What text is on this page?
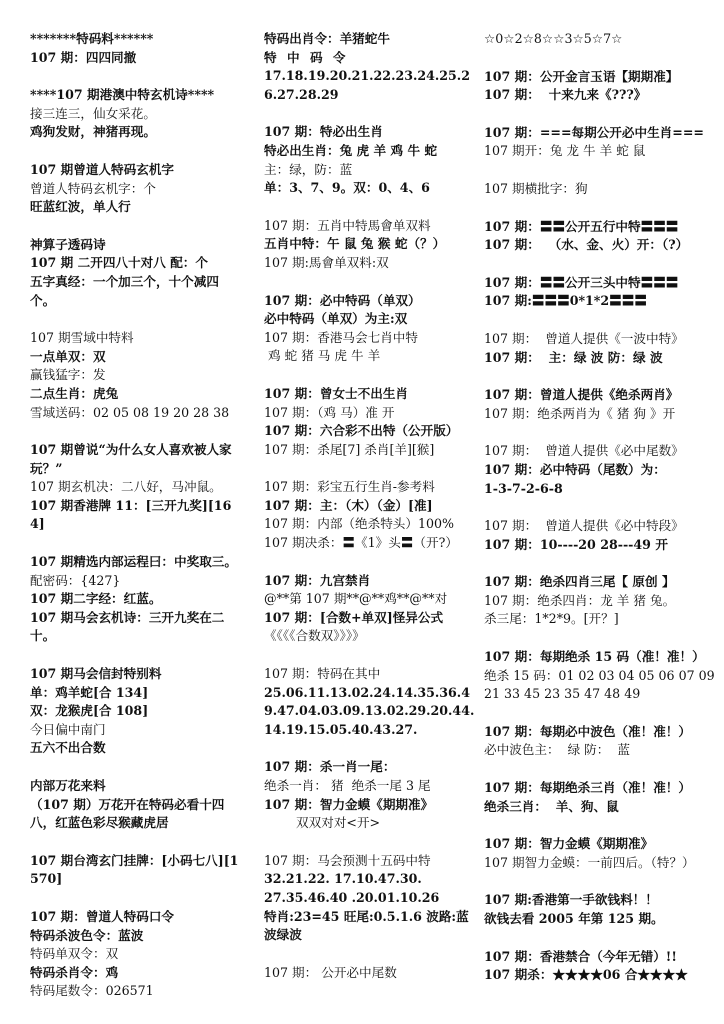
*******特码料******
107 期：四四同撤
****107 期港澳中特玄机诗****
接三连三，仙女采花。
鸡狗发财，神猪再现。
107 期曾道人特码玄机字
曾道人特码玄机字：个
旺蓝红波，单人行
神算子透码诗
107 期 二开四八十对八 配：个
五字真经：一个加三个，十个减四个。
107 期雪域中特料
一点单双：双
赢钱猛字：发
二点生肖：虎兔
雪域送码：02 05 08 19 20 28 38
107 期曾说“为什么女人喜欢被人家玩？”
107 期玄机决：二八好，马冲鼠。
107 期香港牌 11：[三开九奖][164]
107 期精选内部运程曰：中奖取三。
配密码：{427}
107 期二字经：红蓝。
107 期马会玄机诗：三开九奖在二十。
107 期马会信封特别料
单：鸡羊蛇[合 134]
双：龙猴虎[合 108]
今日偏中南门
五六不出合数
内部万花来料
（107 期）万花开在特码必看十四八，红蓝色彩尽猴藏虎居
107 期台湾玄门挂牌：[小码七八][1570]
107 期：曾道人特码口令
特码杀波色令：蓝波
特码单双令：双
特码杀肖令：鸡
特码尾数令：026571
特码出肖令：羊猪蛇牛
特 中 码 令
17.18.19.20.21.22.23.24.25.26.27.28.29
107 期：特必出生肖
特必出生肖：兔 虎 羊 鸡 牛 蛇
主：绿，防：蓝
单：3、7、9。双：0、4、6
107 期：五肖中特馬會单双料
五肖中特：午 鼠 兔 猴 蛇（？）
107 期:馬會单双料:双
107 期：必中特码（单双）
必中特码（单双）为主:双
107 期：香港马会七肖中特
鸡 蛇 猪 马 虎 牛 羊
107 期：曾女士不出生肖
107 期：（鸡 马）准 开
107 期：六合彩不出特（公开版）
107 期：杀尾[7] 杀肖[羊][猴]
107 期：彩宝五行生肖-参考料
107 期：主：（木）（金）[准]
107 期：内部（绝杀特头）100%
107 期决杀：〓《1》头〓（开?）
107 期：九宫禁肖
@**第 107 期**@**鸡**@**对
107 期：[合数+单双]怪异公式
《《《《合数双》》》》
107 期：特码在其中
25.06.11.13.02.24.14.35.36.49.47.04.03.09.13.02.29.20.44.14.19.15.05.40.43.27.
107 期：杀一肖一尾：
绝杀一肖： 猪  绝杀一尾 3 尾
107 期：智力金蟆《期期准》
双双对对<开>
107 期：马会预测十五码中特
32.21.22. 17.10.47.30.
27.35.46.40 .20.01.10.26
特肖:23=45 旺尾:0.5.1.6 波路:蓝波绿波
107 期： 公开必中尾数
☆0☆2☆8☆☆3☆5☆7☆
107 期：公开金言玉语【期期准】
107 期：  十来九来《???》
107 期：===每期公开必中生肖===
107 期开：兔 龙 牛 羊 蛇 鼠
107 期横批字：狗
107 期：〓〓公开五行中特〓〓〓
107 期：  （水、金、火）开：（?）
107 期：〓〓公开三头中特〓〓〓
107 期:〓〓〓0*1*2〓〓〓
107 期：  曾道人提供《一波中特》
107 期：  主：绿 波 防：绿 波
107 期：曾道人提供《绝杀两肖》
107 期：绝杀两肖为《 猪 狗 》开
107 期：  曾道人提供《必中尾数》
107 期：必中特码（尾数）为：
1-3-7-2-6-8
107 期：  曾道人提供《必中特段》
107 期：10----20 28---49 开
107 期：绝杀四肖三尾【 原创 】
107 期：绝杀四肖：龙 羊 猪 兔。
杀三尾：1*2*9。[开？]
107 期：每期绝杀 15 码（准！准！）
绝杀 15 码：01 02 03 04 05 06 07 09 21 33 45 23 35 47 48 49
107 期：每期必中波色（准！准！）
必中波色主：  绿 防：  蓝
107 期：每期绝杀三肖（准！准！）
绝杀三肖：  羊、狗、鼠
107 期：智力金蟆《期期准》
107 期智力金蟆：一前四后。（特？）
107 期:香港第一手欲钱料！！
欲钱去看 2005 年第 125 期。
107 期：香港禁合（今年无错）!!
107 期杀：★★★★06 合★★★★
